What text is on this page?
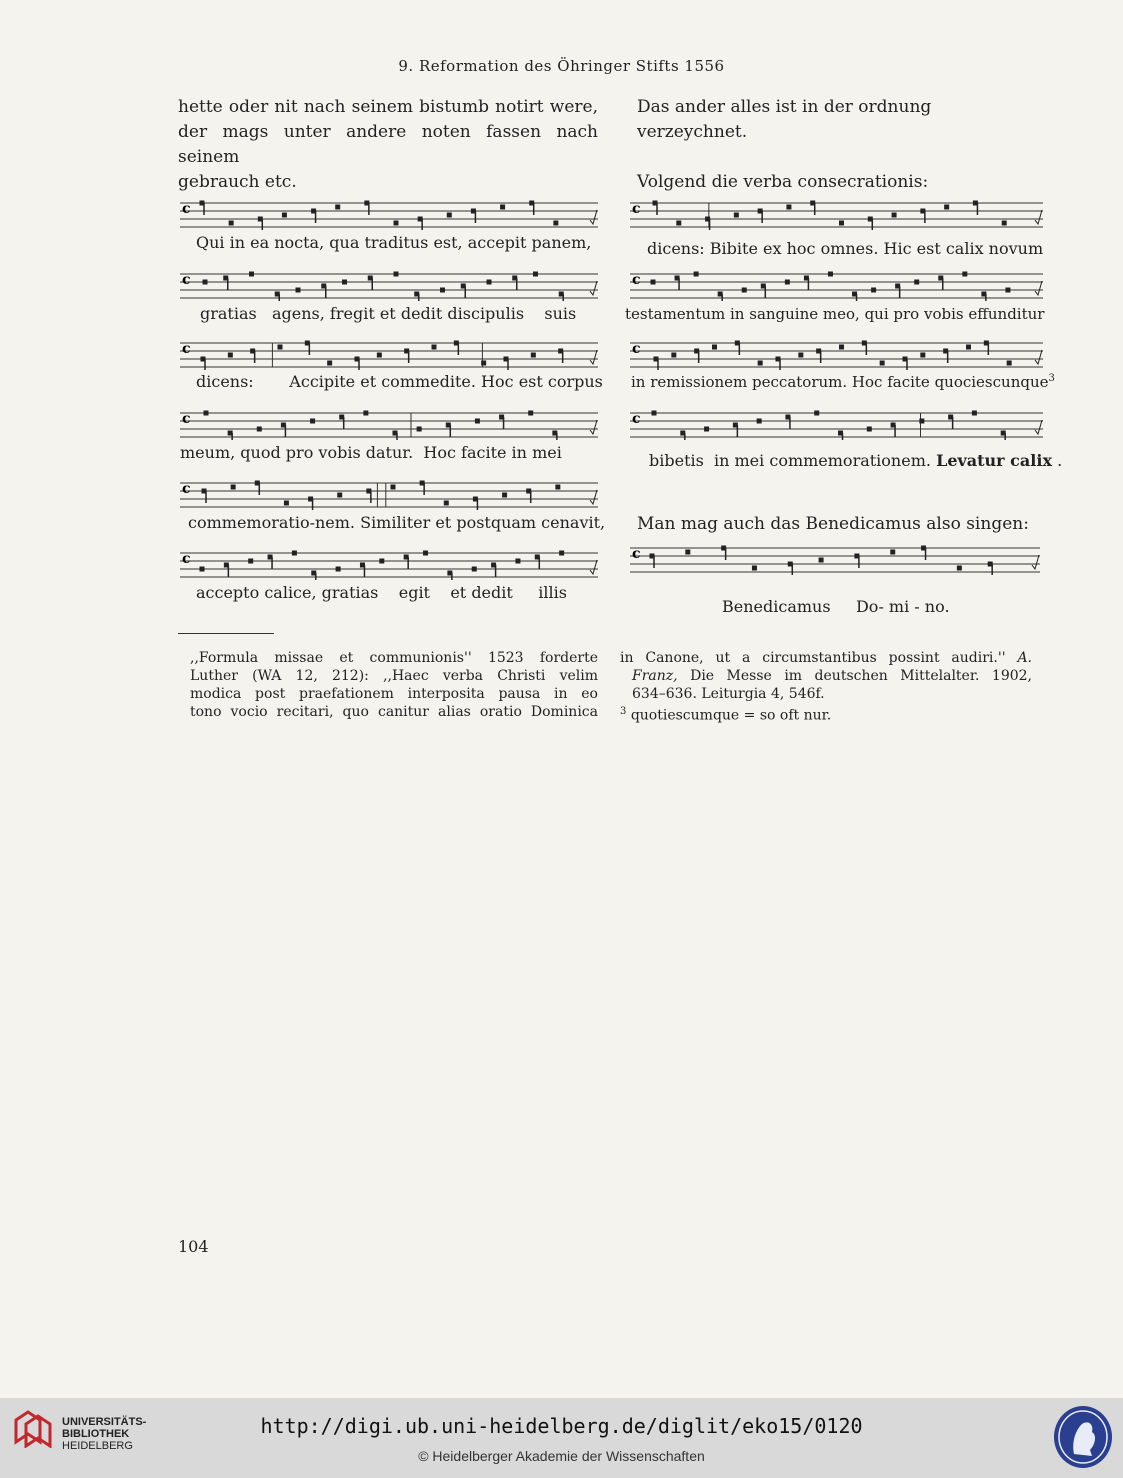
9. Reformation des Öhringer Stifts 1556
hette oder nit nach seinem bistumb notirt were,
der mags unter andere noten fassen nach seinem
gebrauch etc.
Das ander alles ist in der ordnung verzeychnet.
Volgend die verba consecrationis:
c
c
c
c
c
c
c
c
c
c
c
Qui in ea nocta, qua traditus est, accepit panem,
gratias   agens, fregit et dedit discipulis    suis
dicens:       Accipite et commedite. Hoc est corpus
meum, quod pro vobis datur.  Hoc facite in mei
commemoratio-nem. Similiter et postquam cenavit,
accepto calice, gratias    egit    et dedit     illis
dicens: Bibite ex hoc omnes. Hic est calix novum
testamentum in sanguine meo, qui pro vobis effunditur
in remissionem peccatorum. Hoc facite quociescunque$^3$
bibetis  in mei commemorationem. Levatur calix .
Man mag auch das Benedicamus also singen:
Benedicamus     Do- mi - no.
,,Formula missae et communionis'' 1523 forderte
Luther (WA 12, 212): ,,Haec verba Christi velim
modica post praefationem interposita pausa in eo
tono vocio recitari, quo canitur alias oratio Dominica
in Canone, ut a circumstantibus possint audiri.'' A.
Franz, Die Messe im deutschen Mittelalter. 1902,
634–636. Leiturgia 4, 546f.
$^3$ quotiescumque = so oft nur.
104
UNIVERSITÄTS-
BIBLIOTHEK
HEIDELBERG
http://digi.ub.uni-heidelberg.de/diglit/eko15/0120
© Heidelberger Akademie der Wissenschaften
